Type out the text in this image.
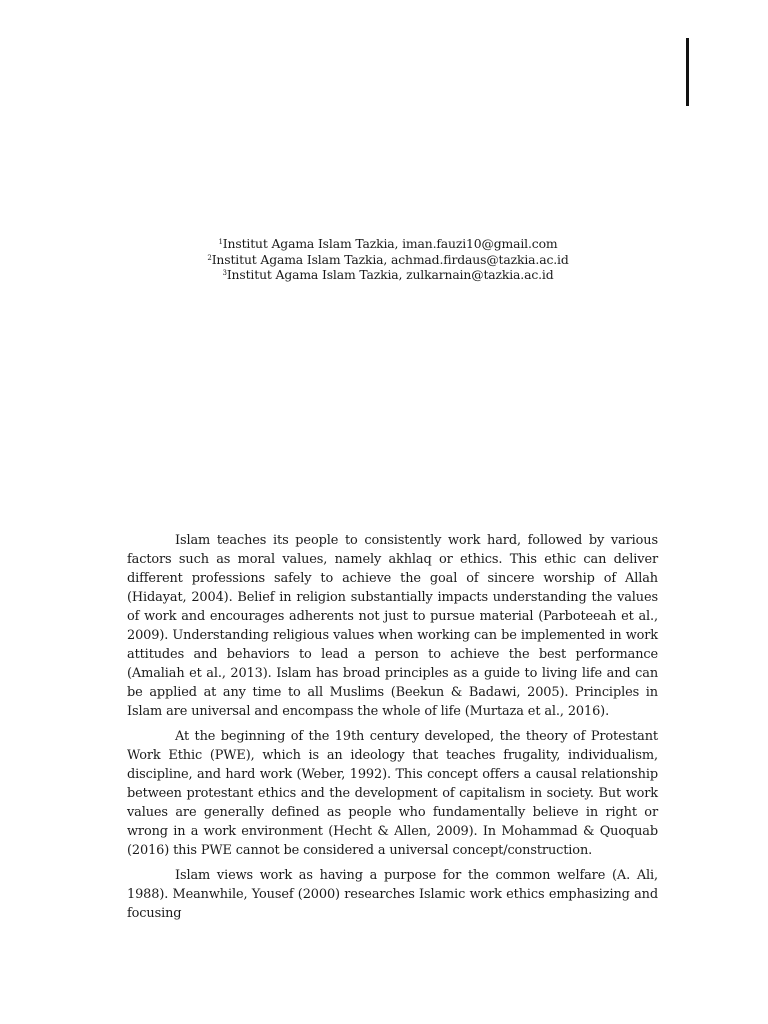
$^1$Institut Agama Islam Tazkia, iman.fauzi10@gmail.com
$^2$Institut Agama Islam Tazkia, achmad.firdaus@tazkia.ac.id
$^3$Institut Agama Islam Tazkia, zulkarnain@tazkia.ac.id

Islam teaches its people to consistently work hard, followed by various factors such as moral values, namely akhlaq or ethics. This ethic can deliver different professions safely to achieve the goal of sincere worship of Allah (Hidayat, 2004). Belief in religion substantially impacts understanding the values of work and encourages adherents not just to pursue material (Parboteeah et al., 2009). Understanding religious values when working can be implemented in work attitudes and behaviors to lead a person to achieve the best performance (Amaliah et al., 2013). Islam has broad principles as a guide to living life and can be applied at any time to all Muslims (Beekun & Badawi, 2005). Principles in Islam are universal and encompass the whole of life (Murtaza et al., 2016).

At the beginning of the 19th century developed, the theory of Protestant Work Ethic (PWE), which is an ideology that teaches frugality, individualism, discipline, and hard work (Weber, 1992). This concept offers a causal relationship between protestant ethics and the development of capitalism in society. But work values are generally defined as people who fundamentally believe in right or wrong in a work environment (Hecht & Allen, 2009). In Mohammad & Quoquab (2016) this PWE cannot be considered a universal concept/construction.

Islam views work as having a purpose for the common welfare (A. Ali, 1988). Meanwhile, Yousef (2000) researches Islamic work ethics emphasizing and focusing
